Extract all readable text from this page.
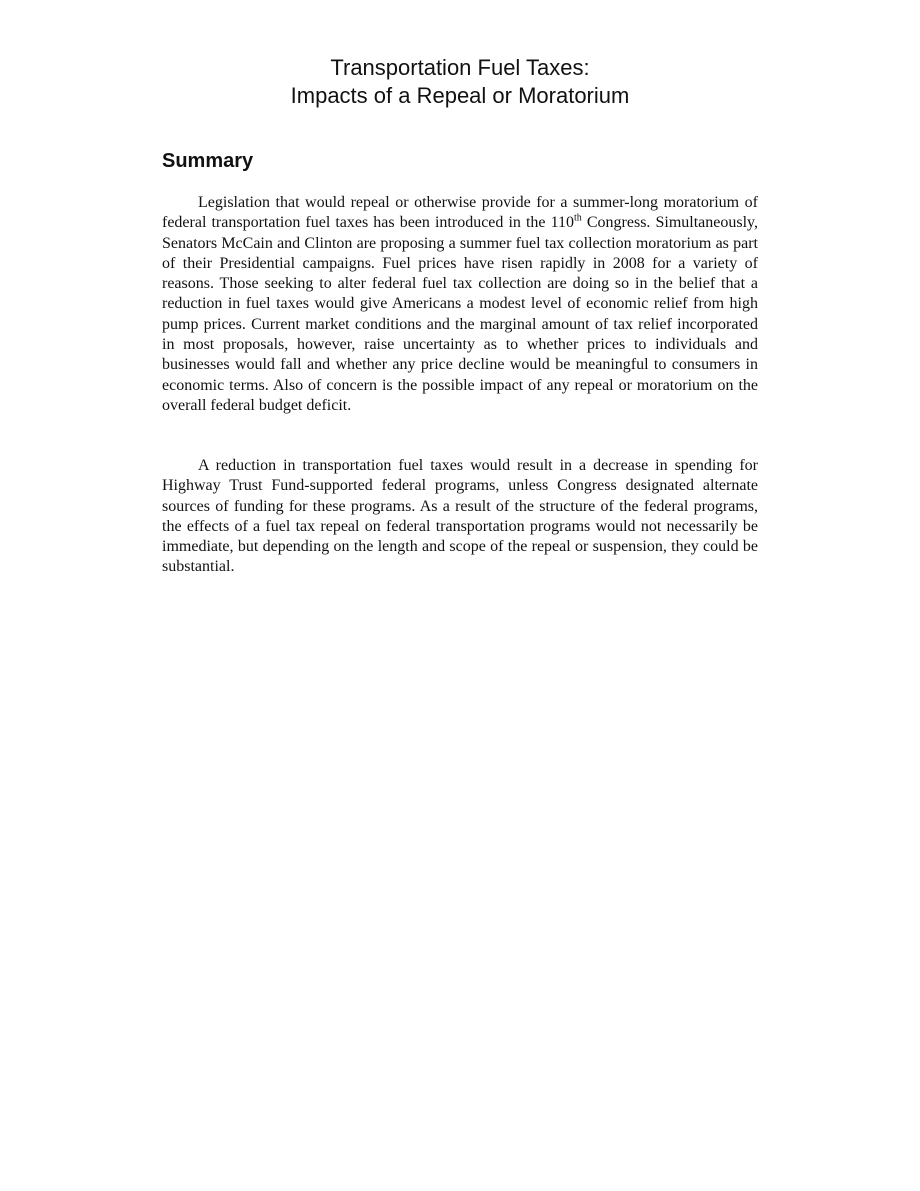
Transportation Fuel Taxes:
Impacts of a Repeal or Moratorium
Summary

Legislation that would repeal or otherwise provide for a summer-long moratorium of federal transportation fuel taxes has been introduced in the 110th Congress. Simultaneously, Senators McCain and Clinton are proposing a summer fuel tax collection moratorium as part of their Presidential campaigns. Fuel prices have risen rapidly in 2008 for a variety of reasons. Those seeking to alter federal fuel tax collection are doing so in the belief that a reduction in fuel taxes would give Americans a modest level of economic relief from high pump prices. Current market conditions and the marginal amount of tax relief incorporated in most proposals, however, raise uncertainty as to whether prices to individuals and businesses would fall and whether any price decline would be meaningful to consumers in economic terms. Also of concern is the possible impact of any repeal or moratorium on the overall federal budget deficit.

A reduction in transportation fuel taxes would result in a decrease in spending for Highway Trust Fund-supported federal programs, unless Congress designated alternate sources of funding for these programs. As a result of the structure of the federal programs, the effects of a fuel tax repeal on federal transportation programs would not necessarily be immediate, but depending on the length and scope of the repeal or suspension, they could be substantial.
